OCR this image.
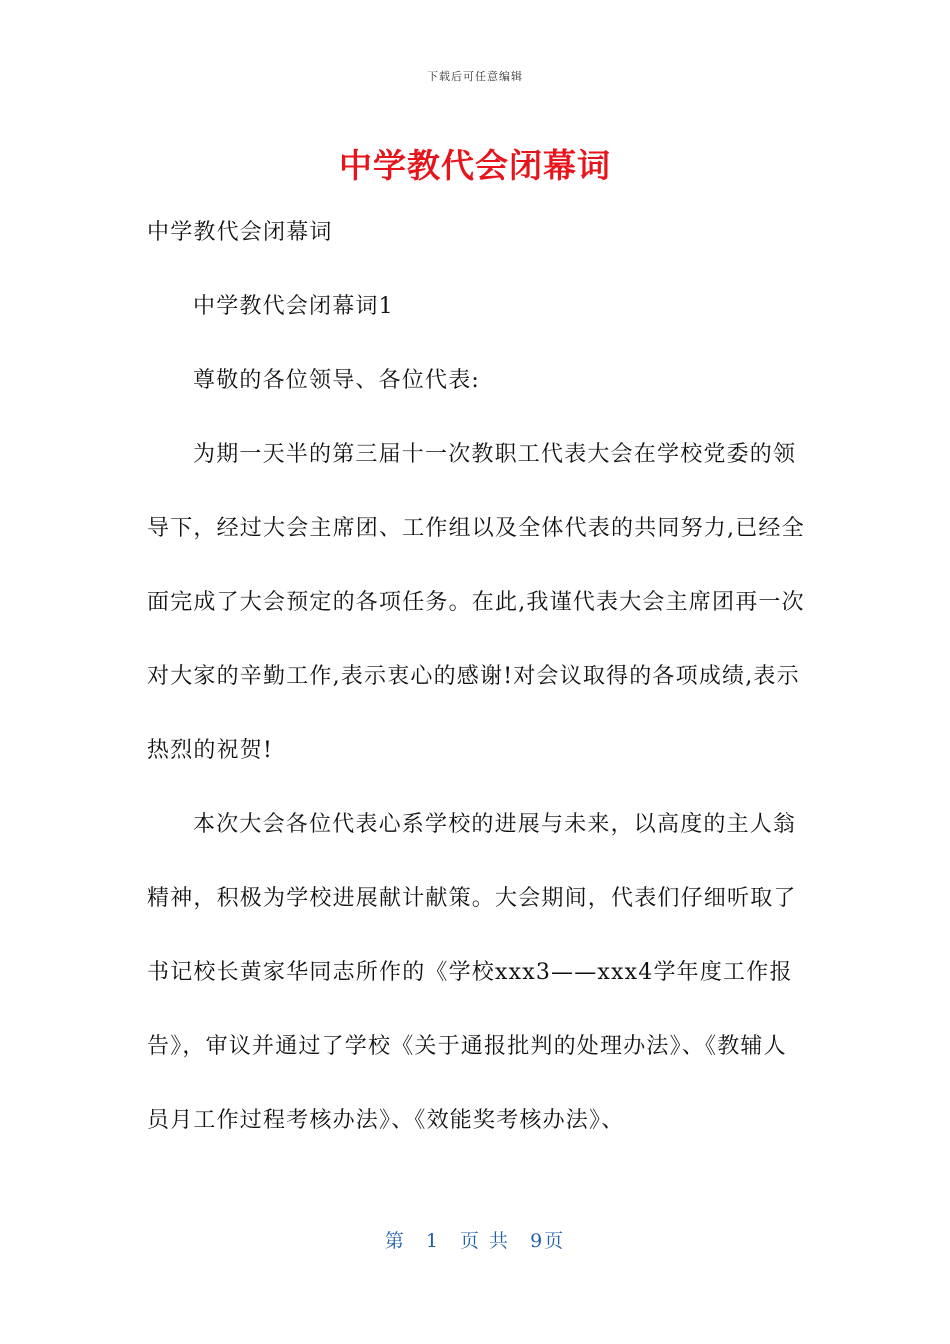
下载后可任意编辑
中学教代会闭幕词

中学教代会闭幕词

中学教代会闭幕词1

尊敬的各位领导、各位代表:

为期一天半的第三届十一次教职工代表大会在学校党委的领导下，经过大会主席团、工作组以及全体代表的共同努力,已经全面完成了大会预定的各项任务。在此,我谨代表大会主席团再一次对大家的辛勤工作,表示衷心的感谢!对会议取得的各项成绩,表示热烈的祝贺!

本次大会各位代表心系学校的进展与未来，以高度的主人翁精神，积极为学校进展献计献策。大会期间，代表们仔细听取了书记校长黄家华同志所作的《学校xxx3——xxx4学年度工作报告》，审议并通过了学校《关于通报批判的处理办法》、《教辅人员月工作过程考核办法》、《效能奖考核办法》、

第 1 页 共 9页
